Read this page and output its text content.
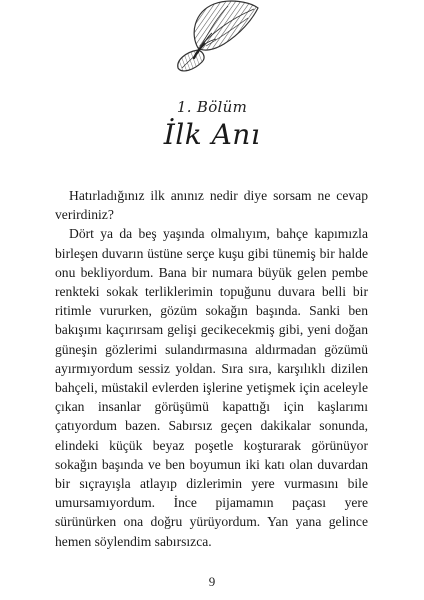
1. Bölüm
İlk Anı

Hatırladığınız ilk anınız nedir diye sorsam ne cevap verirdiniz?

Dört ya da beş yaşında olmalıyım, bahçe kapımızla birleşen duvarın üstüne serçe kuşu gibi tünemiş bir halde onu bekliyordum. Bana bir numara büyük gelen pembe renkteki sokak terliklerimin topuğunu duvara belli bir ritimle vururken, gözüm sokağın başında. Sanki ben bakışımı kaçırırsam gelişi gecikecekmiş gibi, yeni doğan güneşin gözlerimi sulandırmasına aldırmadan gözümü ayırmıyordum sessiz yoldan. Sıra sıra, karşılıklı dizilen bahçeli, müstakil evlerden işlerine yetişmek için aceleyle çıkan insanlar görüşümü kapattığı için kaşlarımı çatıyordum bazen. Sabırsız geçen dakikalar sonunda, elindeki küçük beyaz poşetle koşturarak görünüyor sokağın başında ve ben boyumun iki katı olan duvardan bir sıçrayışla atlayıp dizlerimin yere vurmasını bile umursamıyordum. İnce pijamamın paçası yere sürünürken ona doğru yürüyordum. Yan yana gelince hemen söylendim sabırsızca.

9
